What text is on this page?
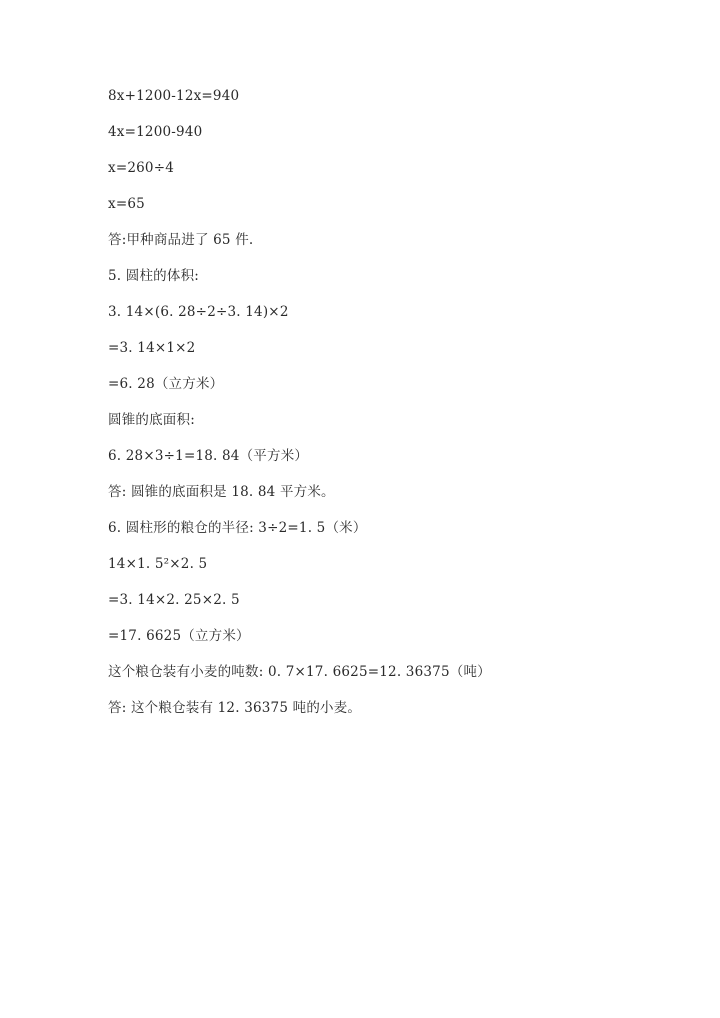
8x+1200-12x=940
4x=1200-940
x=260÷4
x=65
答:甲种商品进了 65 件.
5. 圆柱的体积:
3. 14×(6. 28÷2÷3. 14)×2
=3. 14×1×2
=6. 28（立方米）
圆锥的底面积:
6. 28×3÷1=18. 84（平方米）
答: 圆锥的底面积是 18. 84 平方米。
6. 圆柱形的粮仓的半径: 3÷2=1. 5（米）
14×1. 5²×2. 5
=3. 14×2. 25×2. 5
=17. 6625（立方米）
这个粮仓装有小麦的吨数: 0. 7×17. 6625=12. 36375（吨）
答: 这个粮仓装有 12. 36375 吨的小麦。
